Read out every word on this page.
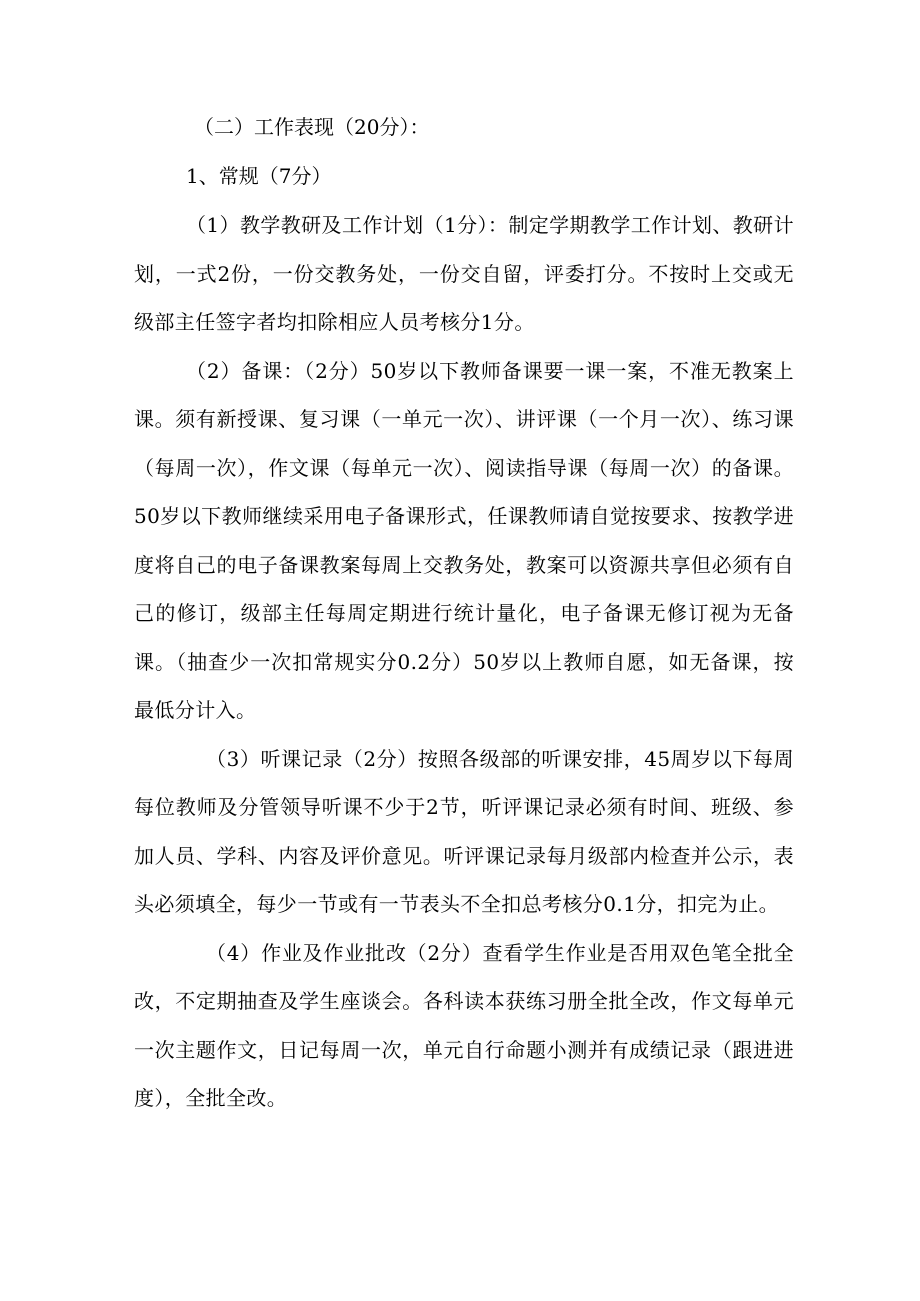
（二）工作表现（20分）：

1、常规（7分）

（1）教学教研及工作计划（1分）：制定学期教学工作计划、教研计划，一式2份，一份交教务处，一份交自留，评委打分。不按时上交或无级部主任签字者均扣除相应人员考核分1分。

（2）备课：（2分）50岁以下教师备课要一课一案，不准无教案上课。须有新授课、复习课（一单元一次）、讲评课（一个月一次）、练习课（每周一次），作文课（每单元一次）、阅读指导课（每周一次）的备课。50岁以下教师继续采用电子备课形式，任课教师请自觉按要求、按教学进度将自己的电子备课教案每周上交教务处，教案可以资源共享但必须有自己的修订，级部主任每周定期进行统计量化，电子备课无修订视为无备课。（抽查少一次扣常规实分0.2分）50岁以上教师自愿，如无备课，按最低分计入。

（3）听课记录（2分）按照各级部的听课安排，45周岁以下每周每位教师及分管领导听课不少于2节，听评课记录必须有时间、班级、参加人员、学科、内容及评价意见。听评课记录每月级部内检查并公示，表头必须填全，每少一节或有一节表头不全扣总考核分0.1分，扣完为止。

（4）作业及作业批改（2分）查看学生作业是否用双色笔全批全改，不定期抽查及学生座谈会。各科读本获练习册全批全改，作文每单元一次主题作文，日记每周一次，单元自行命题小测并有成绩记录（跟进进度），全批全改。
